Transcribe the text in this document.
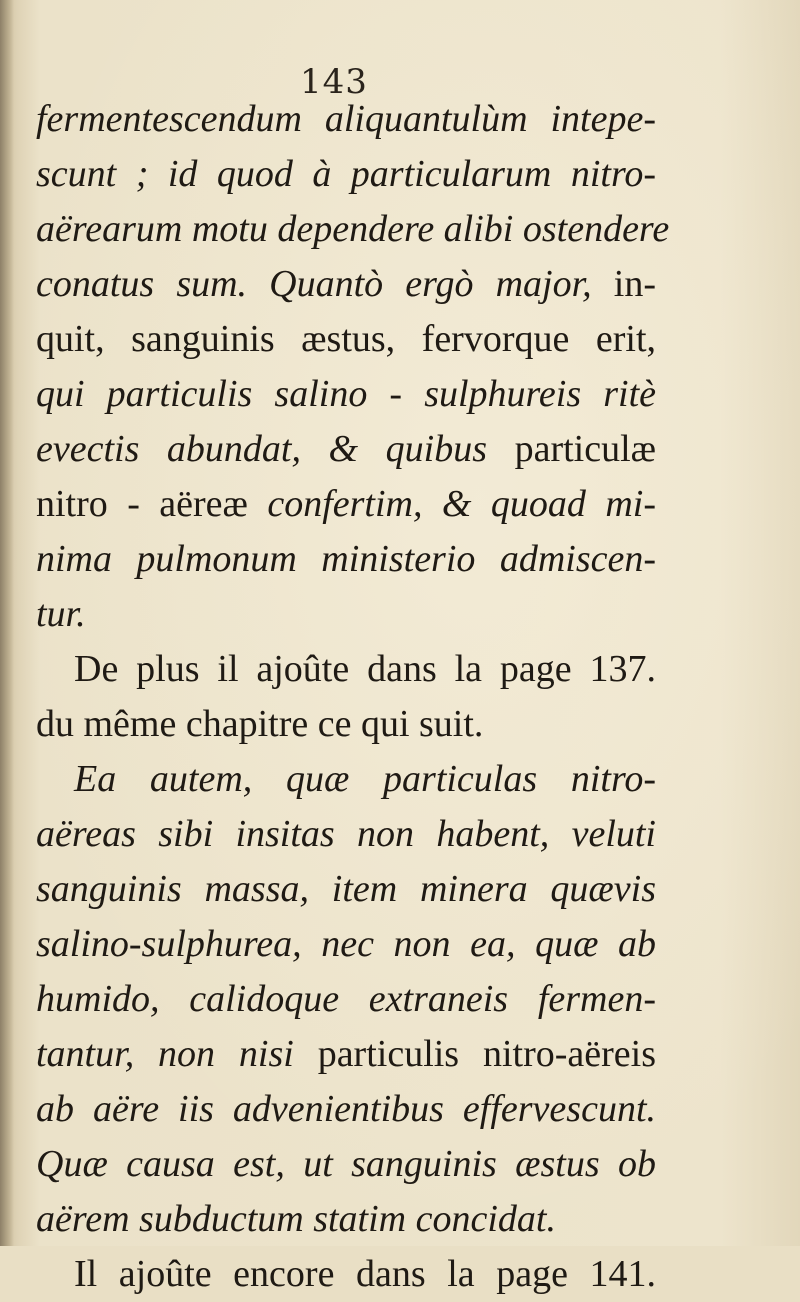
143
fermentescendum aliquantulùm intepe-
scunt ; id quod à particularum nitro-
aërearum motu dependere alibi ostendere
conatus sum. Quantò ergò major, in-
quit, sanguinis æstus, fervorque erit,
qui particulis salino - sulphureis ritè
evectis abundat, & quibus particulæ
nitro - aëreæ confertim, & quoad mi-
nima pulmonum ministerio admiscen-
tur.
De plus il ajoûte dans la page 137.
du même chapitre ce qui suit.
Ea autem, quæ particulas nitro-
aëreas sibi insitas non habent, veluti
sanguinis massa, item minera quævis
salino-sulphurea, nec non ea, quæ ab
humido, calidoque extraneis fermen-
tantur, non nisi particulis nitro-aëreis
ab aëre iis advenientibus effervescunt.
Quæ causa est, ut sanguinis æstus ob
aërem subductum statim concidat.
Il ajoûte encore dans la page 141.
